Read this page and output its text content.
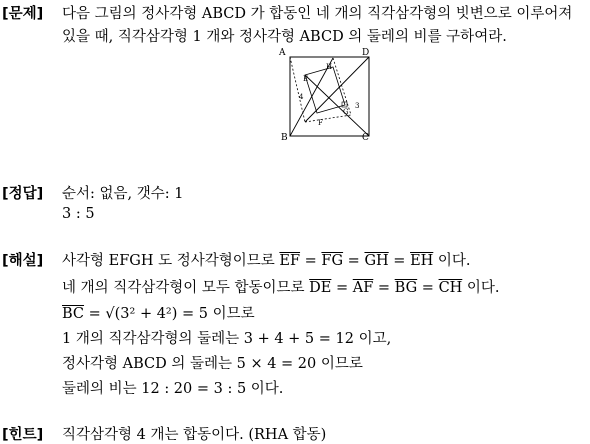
[문제] 다음 그림의 정사각형 ABCD 가 합동인 네 개의 직각삼각형의 빗변으로 이루어져
있을 때, 직각삼각형 1 개와 정사각형 ABCD 의 둘레의 비를 구하여라.
A	D
B	C
E
H
F
G
3
4
[정답] 순서: 없음, 갯수: 1
3 : 5
[해설] 사각형 EFGH 도 정사각형이므로 $\overline{EF} = \overline{FG} = \overline{GH} = \overline{EH}$ 이다.
네 개의 직각삼각형이 모두 합동이므로 $\overline{DE} = \overline{AF} = \overline{BG} = \overline{CH}$ 이다.
$\overline{BC} = √(3^2 + 4^2) = 5$ 이므로
1 개의 직각삼각형의 둘레는 3 + 4 + 5 = 12 이고,
정사각형 ABCD 의 둘레는 5 × 4 = 20 이므로
둘레의 비는 12 : 20 = 3 : 5 이다.
[힌트] 직각삼각형 4 개는 합동이다. (RHA 합동)
